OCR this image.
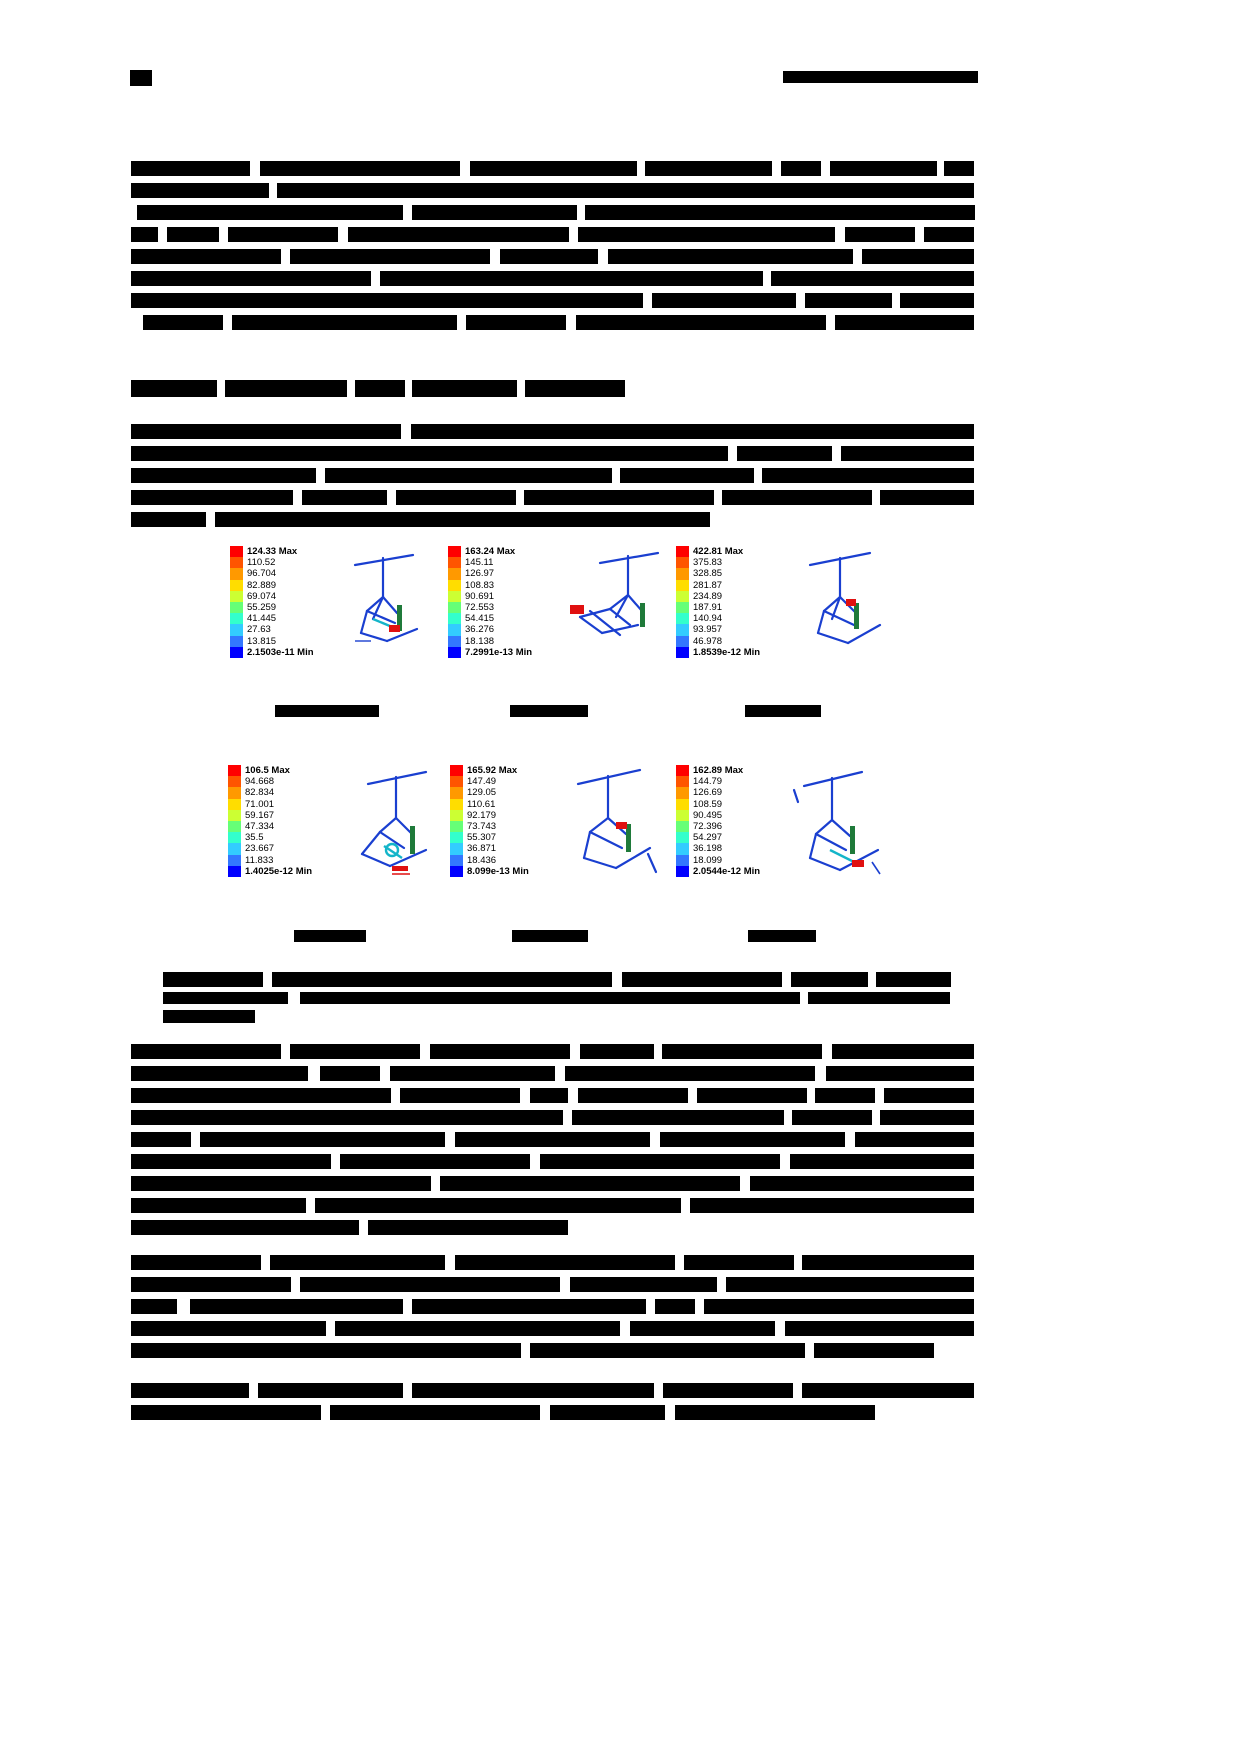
124.33 Max
110.52
96.704
82.889
69.074
55.259
41.445
27.63
13.815
2.1503e-11 Min
163.24 Max
145.11
126.97
108.83
90.691
72.553
54.415
36.276
18.138
7.2991e-13 Min
422.81 Max
375.83
328.85
281.87
234.89
187.91
140.94
93.957
46.978
1.8539e-12 Min
106.5 Max
94.668
82.834
71.001
59.167
47.334
35.5
23.667
11.833
1.4025e-12 Min
165.92 Max
147.49
129.05
110.61
92.179
73.743
55.307
36.871
18.436
8.099e-13 Min
162.89 Max
144.79
126.69
108.59
90.495
72.396
54.297
36.198
18.099
2.0544e-12 Min
